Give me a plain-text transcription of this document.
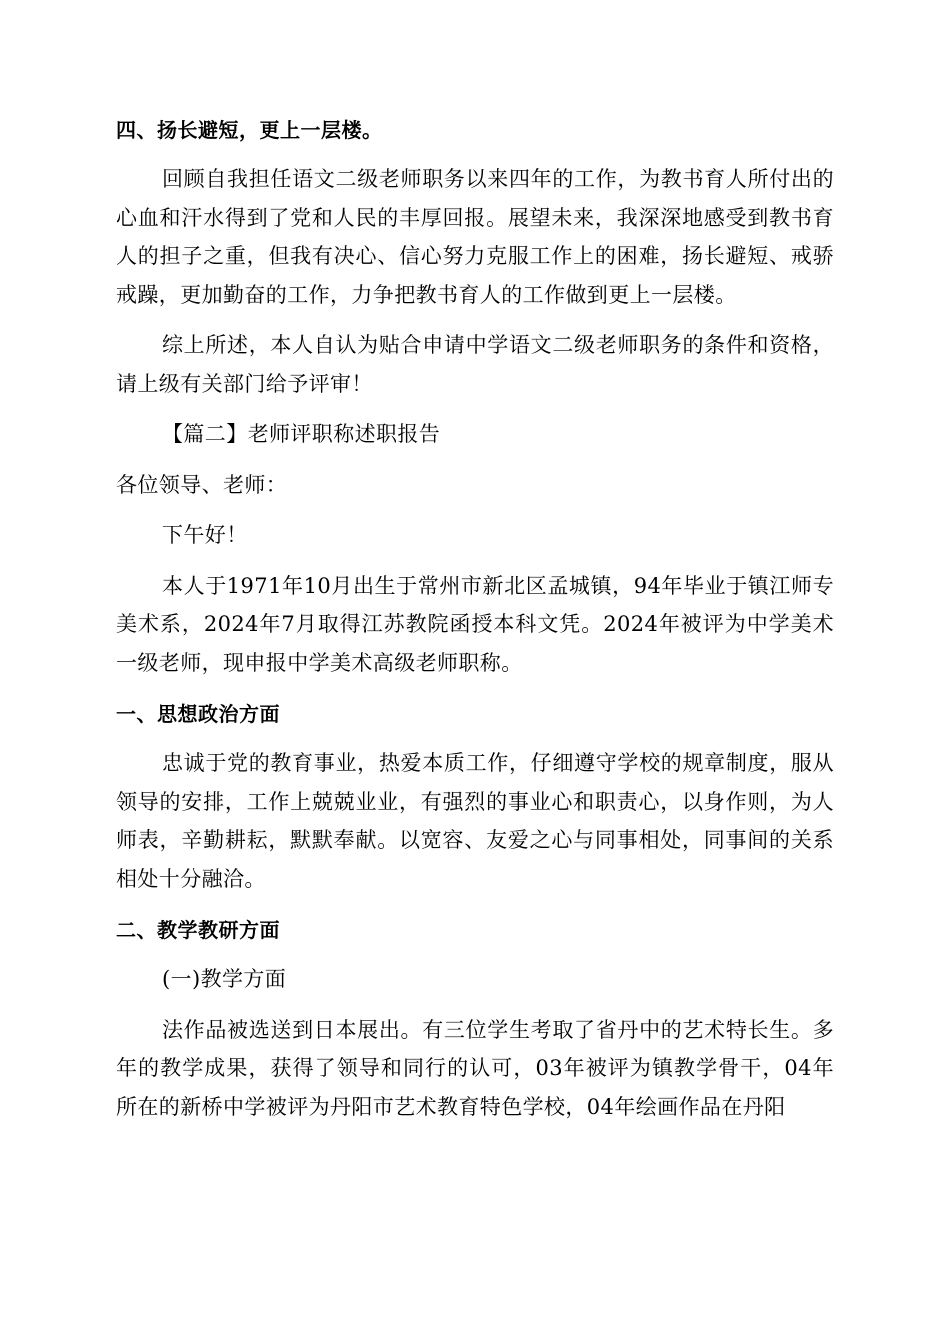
四、扬长避短，更上一层楼。

回顾自我担任语文二级老师职务以来四年的工作，为教书育人所付出的心血和汗水得到了党和人民的丰厚回报。展望未来，我深深地感受到教书育人的担子之重，但我有决心、信心努力克服工作上的困难，扬长避短、戒骄戒躁，更加勤奋的工作，力争把教书育人的工作做到更上一层楼。

综上所述，本人自认为贴合申请中学语文二级老师职务的条件和资格，请上级有关部门给予评审！

【篇二】老师评职称述职报告

各位领导、老师：

下午好！

本人于1971年10月出生于常州市新北区孟城镇，94年毕业于镇江师专美术系，2024年7月取得江苏教院函授本科文凭。2024年被评为中学美术一级老师，现申报中学美术高级老师职称。

一、思想政治方面

忠诚于党的教育事业，热爱本质工作，仔细遵守学校的规章制度，服从领导的安排，工作上兢兢业业，有强烈的事业心和职责心，以身作则，为人师表，辛勤耕耘，默默奉献。以宽容、友爱之心与同事相处，同事间的关系相处十分融洽。

二、教学教研方面

(一)教学方面

法作品被选送到日本展出。有三位学生考取了省丹中的艺术特长生。多年的教学成果，获得了领导和同行的认可，03年被评为镇教学骨干，04年所在的新桥中学被评为丹阳市艺术教育特色学校，04年绘画作品在丹阳
